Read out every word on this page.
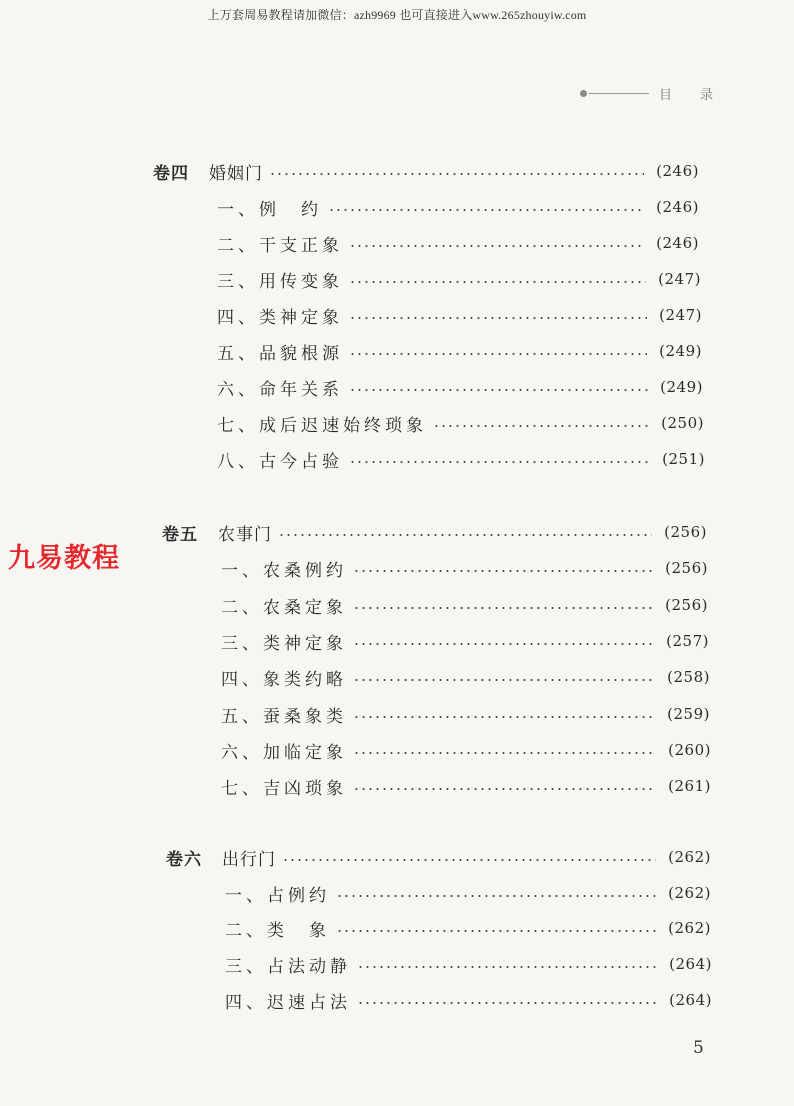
上万套周易教程请加微信：azh9969 也可直接进入www.265zhouyiw.com
目 录
九易教程
卷四 婚姻门	(246)
一、例　约	(246)
二、干支正象	(246)
三、用传变象	(247)
四、类神定象	(247)
五、品貌根源	(249)
六、命年关系	(249)
七、成后迟速始终琐象	(250)
八、古今占验	(251)
卷五 农事门	(256)
一、农桑例约	(256)
二、农桑定象	(256)
三、类神定象	(257)
四、象类约略	(258)
五、蚕桑象类	(259)
六、加临定象	(260)
七、吉凶琐象	(261)
卷六 出行门	(262)
一、占例约	(262)
二、类　象	(262)
三、占法动静	(264)
四、迟速占法	(264)
5
